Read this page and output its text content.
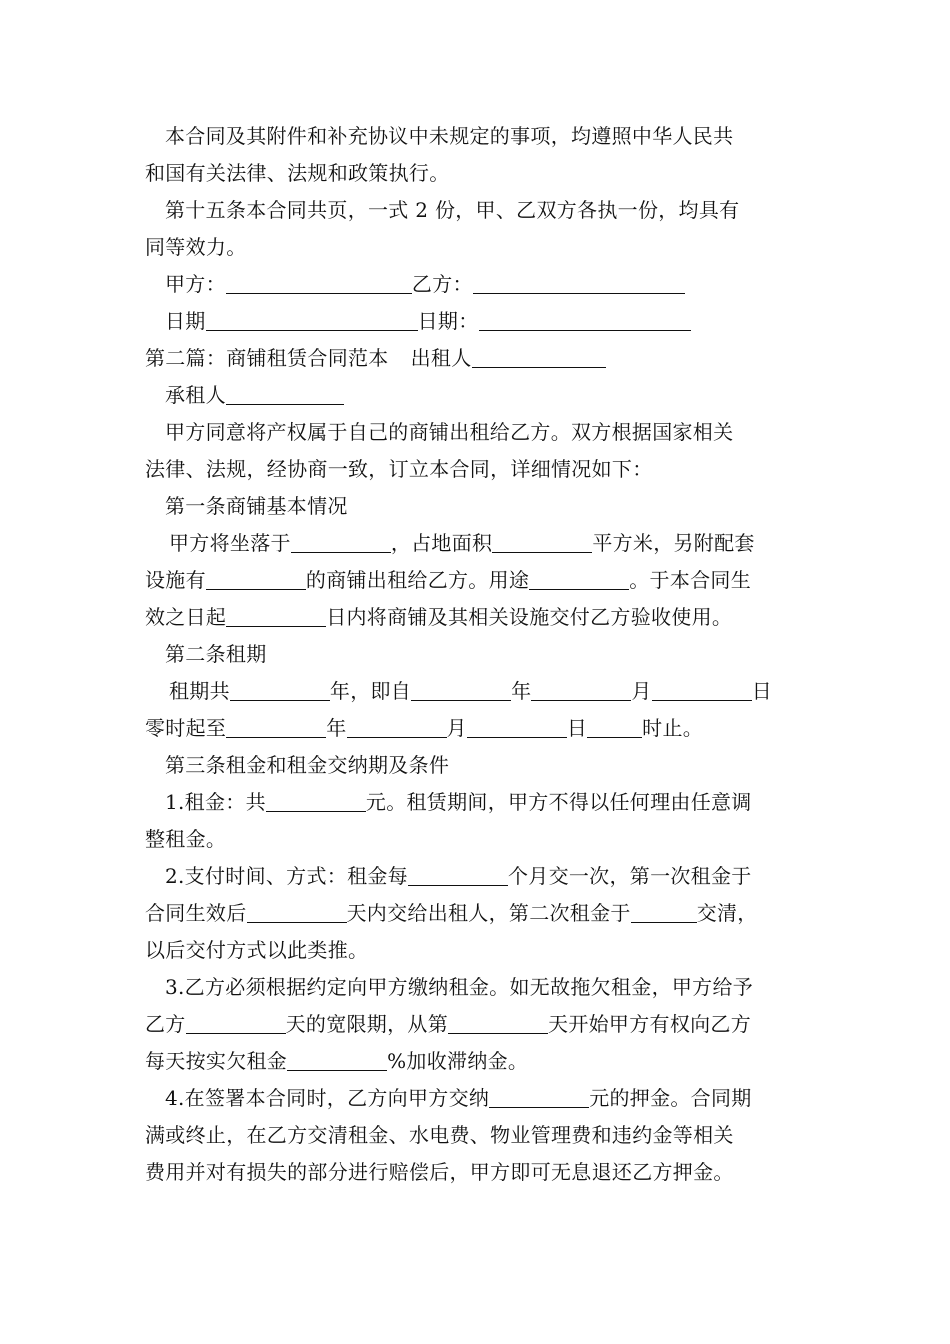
本合同及其附件和补充协议中未规定的事项，均遵照中华人民共
和国有关法律、法规和政策执行。
第十五条本合同共页，一式 2 份，甲、乙双方各执一份，均具有
同等效力。
甲方：	乙方：
日期	日期：
第二篇：商铺租赁合同范本 出租人
承租人
甲方同意将产权属于自己的商铺出租给乙方。双方根据国家相关
法律、法规，经协商一致，订立本合同，详细情况如下：
第一条商铺基本情况
甲方将坐落于	，占地面积	平方米，另附配套
设施有	的商铺出租给乙方。用途	。于本合同生
效之日起	日内将商铺及其相关设施交付乙方验收使用。
第二条租期
租期共	年，即自	年	月	日
零时起至	年	月	日	时止。
第三条租金和租金交纳期及条件
1.租金：共	元。租赁期间，甲方不得以任何理由任意调
整租金。
2.支付时间、方式：租金每	个月交一次，第一次租金于
合同生效后	天内交给出租人，第二次租金于	交清，
以后交付方式以此类推。
3.乙方必须根据约定向甲方缴纳租金。如无故拖欠租金，甲方给予
乙方	天的宽限期，从第	天开始甲方有权向乙方
每天按实欠租金	%加收滞纳金。
4.在签署本合同时，乙方向甲方交纳	元的押金。合同期
满或终止，在乙方交清租金、水电费、物业管理费和违约金等相关
费用并对有损失的部分进行赔偿后，甲方即可无息退还乙方押金。
